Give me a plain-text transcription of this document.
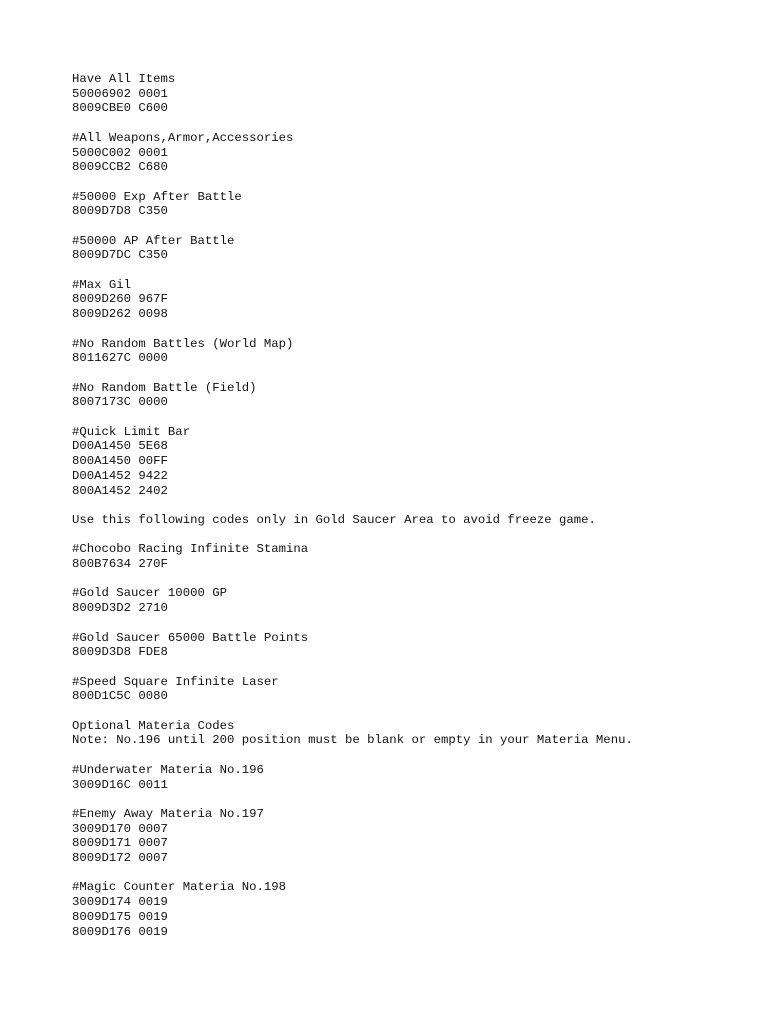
Have All Items
50006902 0001
8009CBE0 C600
#All Weapons,Armor,Accessories
5000C002 0001
8009CCB2 C680
#50000 Exp After Battle
8009D7D8 C350
#50000 AP After Battle
8009D7DC C350
#Max Gil
8009D260 967F
8009D262 0098
#No Random Battles (World Map)
8011627C 0000
#No Random Battle (Field)
8007173C 0000
#Quick Limit Bar
D00A1450 5E68
800A1450 00FF
D00A1452 9422
800A1452 2402
Use this following codes only in Gold Saucer Area to avoid freeze game.
#Chocobo Racing Infinite Stamina
800B7634 270F
#Gold Saucer 10000 GP
8009D3D2 2710
#Gold Saucer 65000 Battle Points
8009D3D8 FDE8
#Speed Square Infinite Laser
800D1C5C 0080
Optional Materia Codes
Note: No.196 until 200 position must be blank or empty in your Materia Menu.
#Underwater Materia No.196
3009D16C 0011
#Enemy Away Materia No.197
3009D170 0007
8009D171 0007
8009D172 0007
#Magic Counter Materia No.198
3009D174 0019
8009D175 0019
8009D176 0019
